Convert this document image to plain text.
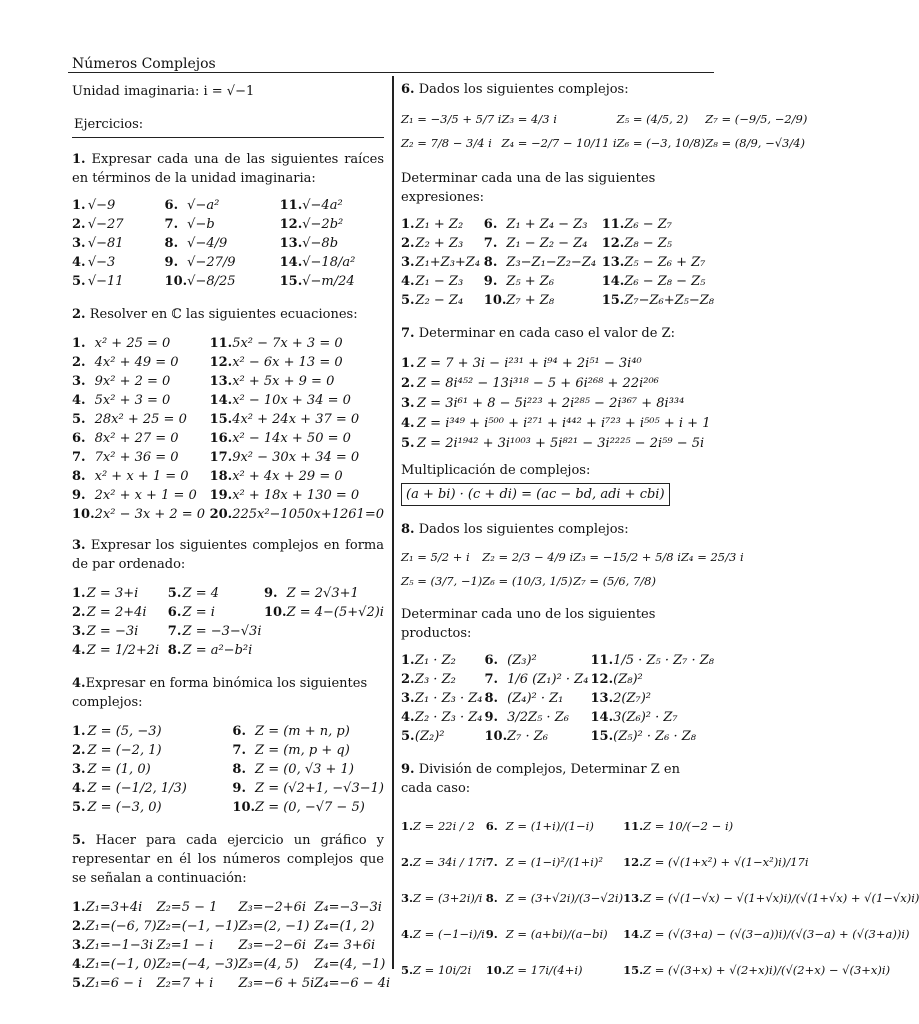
Números Complejos

Unidad imaginaria: i = √−1

Ejercicios:

1. Expresar cada una de las siguientes raíces en términos de la unidad imaginaria:

1.	√−9	6.	√−a²	11.	√−4a²
2.	√−27	7.	√−b	12.	√−2b²
3.	√−81	8.	√−4/9	13.	√−8b
4.	√−3	9.	√−27/9	14.	√−18/a²
5.	√−11	10.	√−8/25	15.	√−m/24

2. Resolver en ℂ las siguientes ecuaciones:

1.	x² + 25 = 0	11.	5x² − 7x + 3 = 0
2.	4x² + 49 = 0	12.	x² − 6x + 13 = 0
3.	9x² + 2 = 0	13.	x² + 5x + 9 = 0
4.	5x² + 3 = 0	14.	x² − 10x + 34 = 0
5.	28x² + 25 = 0	15.	4x² + 24x + 37 = 0
6.	8x² + 27 = 0	16.	x² − 14x + 50 = 0
7.	7x² + 36 = 0	17.	9x² − 30x + 34 = 0
8.	x² + x + 1 = 0	18.	x² + 4x + 29 = 0
9.	2x² + x + 1 = 0	19.	x² + 18x + 130 = 0
10.	2x² − 3x + 2 = 0	20.	225x²−1050x+1261=0

3. Expresar los siguientes complejos en forma de par ordenado:

1.	Z = 3+i	5.	Z = 4	9.	Z = 2√3+1
2.	Z = 2+4i	6.	Z = i	10.	Z = 4−(5+√2)i
3.	Z = −3i	7.	Z = −3−√3i		
4.	Z = 1/2+2i	8.	Z = a²−b²i		

4.Expresar en forma binómica los siguientes complejos:

1.	Z = (5, −3)	6.	Z = (m + n, p)
2.	Z = (−2, 1)	7.	Z = (m, p + q)
3.	Z = (1, 0)	8.	Z = (0, √3 + 1)
4.	Z = (−1/2, 1/3)	9.	Z = (√2+1, −√3−1)
5.	Z = (−3, 0)	10.	Z = (0, −√7 − 5)

5. Hacer para cada ejercicio un gráfico y representar en él los números complejos que se señalan a continuación:

1.	Z₁=3+4i	Z₂=5 − 1	Z₃=−2+6i	Z₄=−3−3i
2.	Z₁=(−6, 7)	Z₂=(−1, −1)	Z₃=(2, −1)	Z₄=(1, 2)
3.	Z₁=−1−3i	Z₂=1 − i	Z₃=−2−6i	Z₄= 3+6i
4.	Z₁=(−1, 0)	Z₂=(−4, −3)	Z₃=(4, 5)	Z₄=(4, −1)
5.	Z₁=6 − i	Z₂=7 + i	Z₃=−6 + 5i	Z₄=−6 − 4i

6. Dados los siguientes complejos:

Z₁ = −3/5 + 5/7 i	Z₃ = 4/3 i	Z₅ = (4/5, 2)	Z₇ = (−9/5, −2/9)
Z₂ = 7/8 − 3/4 i	Z₄ = −2/7 − 10/11 i	Z₆ = (−3, 10/8)	Z₈ = (8/9, −√3/4)

Determinar cada una de las siguientes expresiones:

1.	Z₁ + Z₂	6.	Z₁ + Z₄ − Z₃	11.	Z₆ − Z₇
2.	Z₂ + Z₃	7.	Z₁ − Z₂ − Z₄	12.	Z₈ − Z₅
3.	Z₁+Z₃+Z₄	8.	Z₃−Z₁−Z₂−Z₄	13.	Z₅ − Z₆ + Z₇
4.	Z₁ − Z₃	9.	Z₅ + Z₆	14.	Z₆ − Z₈ − Z₅
5.	Z₂ − Z₄	10.	Z₇ + Z₈	15.	Z₇−Z₆+Z₅−Z₈

7. Determinar en cada caso el valor de Z:

1.	Z = 7 + 3i − i²³¹ + i⁹⁴ + 2i⁵¹ − 3i⁴⁰
2.	Z = 8i⁴⁵² − 13i³¹⁸ − 5 + 6i²⁶⁸ + 22i²⁰⁶
3.	Z = 3i⁶¹ + 8 − 5i²²³ + 2i²⁸⁵ − 2i³⁶⁷ + 8i³³⁴
4.	Z = i³⁴⁹ + i⁵⁰⁰ + i²⁷¹ + i⁴⁴² + i⁷²³ + i⁵⁰⁵ + i + 1
5.	Z = 2i¹⁹⁴² + 3i¹⁰⁰³ + 5i⁸²¹ − 3i²²²⁵ − 2i⁵⁹ − 5i

Multiplicación de complejos:

(a + bi) · (c + di) = (ac − bd, adi + cbi)

8. Dados los siguientes complejos:

Z₁ = 5/2 + i	Z₂ = 2/3 − 4/9 i	Z₃ = −15/2 + 5/8 i	Z₄ = 25/3 i
Z₅ = (3/7, −1)	Z₆ = (10/3, 1/5)	Z₇ = (5/6, 7/8)	

Determinar cada uno de los siguientes productos:

1.	Z₁ · Z₂	6.	(Z₃)²	11.	1/5 · Z₅ · Z₇ · Z₈
2.	Z₃ · Z₂	7.	1/6 (Z₁)² · Z₄	12.	(Z₈)²
3.	Z₁ · Z₃ · Z₄	8.	(Z₄)² · Z₁	13.	2(Z₇)²
4.	Z₂ · Z₃ · Z₄	9.	3/2Z₅ · Z₆	14.	3(Z₆)² · Z₇
5.	(Z₂)²	10.	Z₇ · Z₆	15.	(Z₅)² · Z₆ · Z₈

9. División de complejos, Determinar Z en cada caso:

1.	Z = 22i / 2	6.	Z = (1+i)/(1−i)	11.	Z = 10/(−2 − i)
2.	Z = 34i / 17i	7.	Z = (1−i)²/(1+i)²	12.	Z = (√(1+x²) + √(1−x²)i)/17i
3.	Z = (3+2i)/i	8.	Z = (3+√2i)/(3−√2i)	13.	Z = (√(1−√x) − √(1+√x)i)/(√(1+√x) + √(1−√x)i)
4.	Z = (−1−i)/i	9.	Z = (a+bi)/(a−bi)	14.	Z = (√(3+a) − (√(3−a))i)/(√(3−a) + (√(3+a))i)
5.	Z = 10i/2i	10.	Z = 17i/(4+i)	15.	Z = (√(3+x) + √(2+x)i)/(√(2+x) − √(3+x)i)
